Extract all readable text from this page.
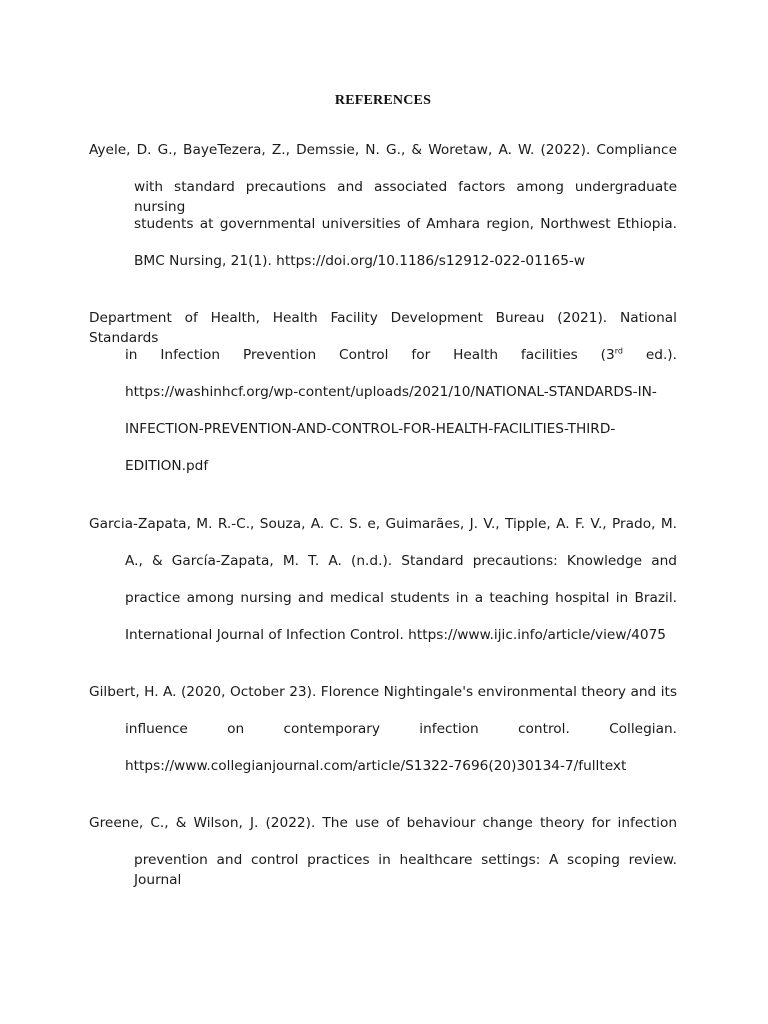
REFERENCES
Ayele, D. G., BayeTezera, Z., Demssie, N. G., & Woretaw, A. W. (2022). Compliance
with standard precautions and associated factors among undergraduate nursing
students at governmental universities of Amhara region, Northwest Ethiopia.
BMC Nursing, 21(1). https://doi.org/10.1186/s12912-022-01165-w
Department of Health, Health Facility Development Bureau (2021). National Standards
in Infection Prevention Control for Health facilities (3rd ed.).
https://washinhcf.org/wp-content/uploads/2021/10/NATIONAL-STANDARDS-IN-
INFECTION-PREVENTION-AND-CONTROL-FOR-HEALTH-FACILITIES-THIRD-
EDITION.pdf
Garcia-Zapata, M. R.-C., Souza, A. C. S. e, Guimarães, J. V., Tipple, A. F. V., Prado, M.
A., & García-Zapata, M. T. A. (n.d.). Standard precautions: Knowledge and
practice among nursing and medical students in a teaching hospital in Brazil.
International Journal of Infection Control. https://www.ijic.info/article/view/4075
Gilbert, H. A. (2020, October 23). Florence Nightingale's environmental theory and its
influence on contemporary infection control. Collegian.
https://www.collegianjournal.com/article/S1322-7696(20)30134-7/fulltext
Greene, C., & Wilson, J. (2022). The use of behaviour change theory for infection
prevention and control practices in healthcare settings: A scoping review. Journal
